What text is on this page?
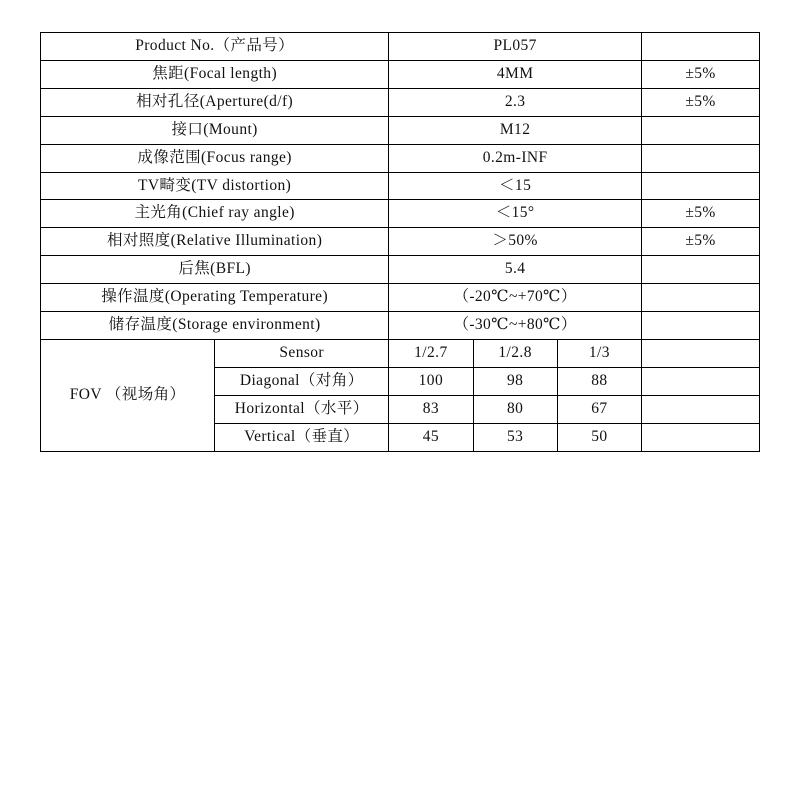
Product No.（产品号）		PL057			
焦距(Focal length)		4MM			±5%
相对孔径(Aperture(d/f)		2.3			±5%
接口(Mount)		M12			
成像范围(Focus range)		0.2m-INF			
TV畸变(TV distortion)		＜15			
主光角(Chief ray angle)		＜15°			±5%
相对照度(Relative Illumination)		＞50%			±5%
后焦(BFL)		5.4			
操作温度(Operating Temperature)		（-20℃~+70℃）			
储存温度(Storage environment)		（-30℃~+80℃）			
FOV （视场角）	Sensor	1/2.7	1/2.8	1/3	
	Diagonal（对角）	100	98	88	
	Horizontal（水平）	83	80	67	
	Vertical（垂直）	45	53	50	
